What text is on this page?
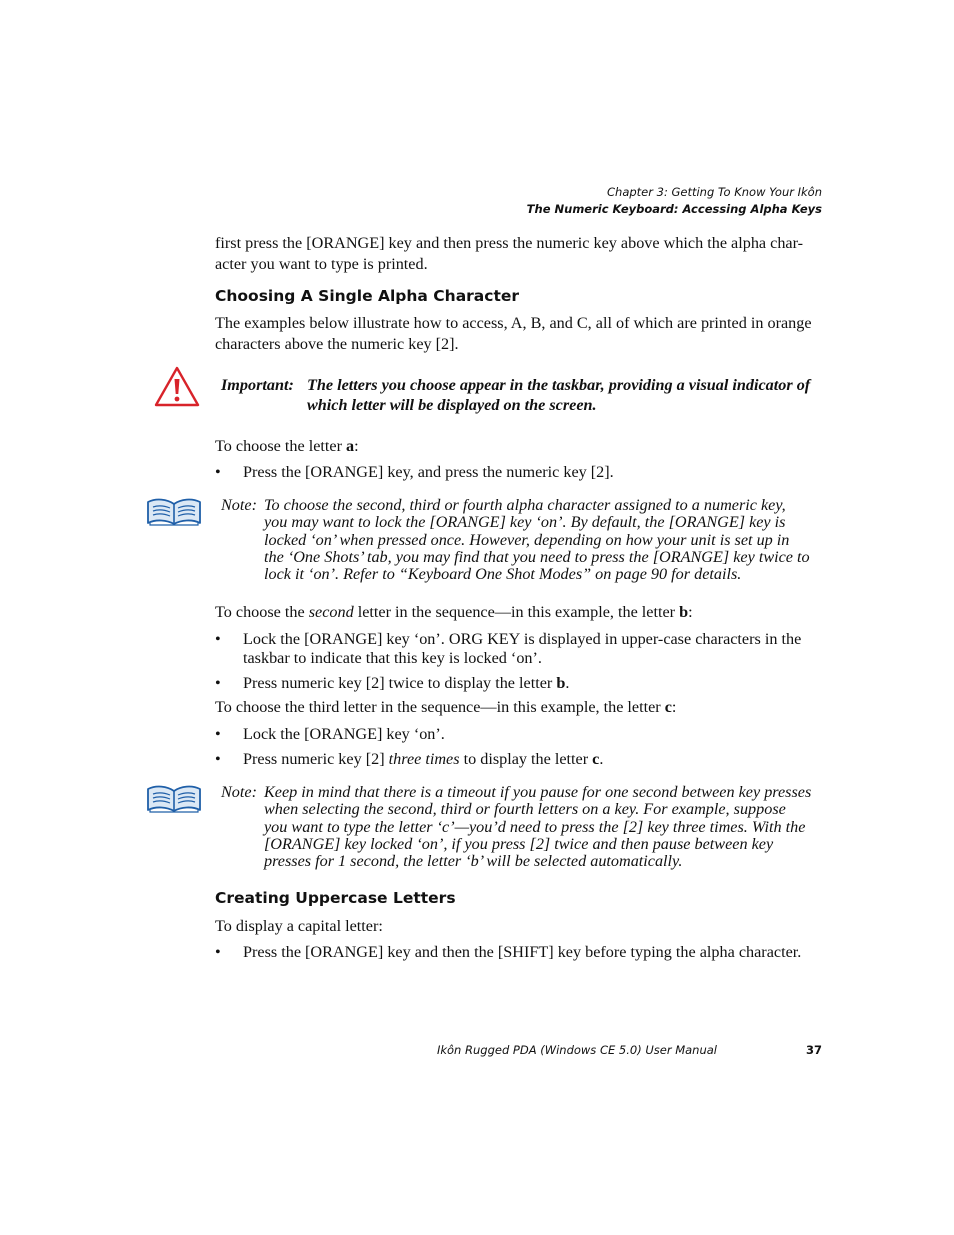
Chapter 3: Getting To Know Your Ikôn
The Numeric Keyboard: Accessing Alpha Keys
first press the [ORANGE] key and then press the numeric key above which the alpha char-
acter you want to type is printed.
Choosing A Single Alpha Character
The examples below illustrate how to access, A, B, and C, all of which are printed in orange
characters above the numeric key [2].
Important: The letters you choose appear in the taskbar, providing a visual indicator of
which letter will be displayed on the screen.
To choose the letter a:
• Press the [ORANGE] key, and press the numeric key [2].
Note: To choose the second, third or fourth alpha character assigned to a numeric key,
you may want to lock the [ORANGE] key ‘on’. By default, the [ORANGE] key is
locked ‘on’ when pressed once. However, depending on how your unit is set up in
the ‘One Shots’ tab, you may find that you need to press the [ORANGE] key twice to
lock it ‘on’. Refer to “Keyboard One Shot Modes” on page 90 for details.
To choose the second letter in the sequence—in this example, the letter b:
• Lock the [ORANGE] key ‘on’. ORG KEY is displayed in upper-case characters in the
taskbar to indicate that this key is locked ‘on’.
• Press numeric key [2] twice to display the letter b.
To choose the third letter in the sequence—in this example, the letter c:
• Lock the [ORANGE] key ‘on’.
• Press numeric key [2] three times to display the letter c.
Note: Keep in mind that there is a timeout if you pause for one second between key presses
when selecting the second, third or fourth letters on a key. For example, suppose
you want to type the letter ‘c’—you’d need to press the [2] key three times. With the
[ORANGE] key locked ‘on’, if you press [2] twice and then pause between key
presses for 1 second, the letter ‘b’ will be selected automatically.
Creating Uppercase Letters
To display a capital letter:
• Press the [ORANGE] key and then the [SHIFT] key before typing the alpha character.
Ikôn Rugged PDA (Windows CE 5.0) User Manual	37
